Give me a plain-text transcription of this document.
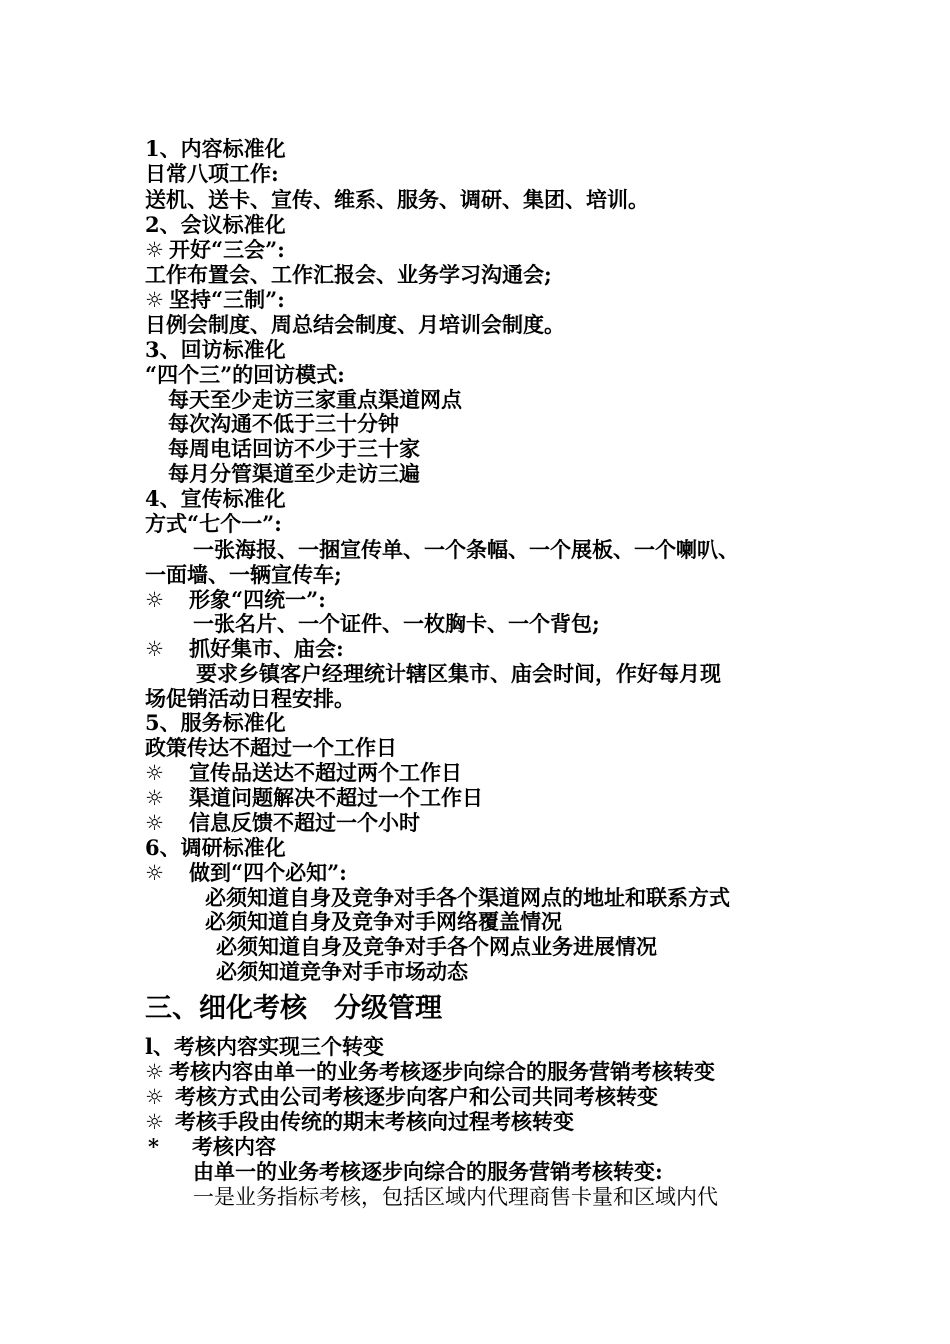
1、内容标准化
日常八项工作:
送机、送卡、宣传、维系、服务、调研、集团、培训。
2、会议标准化
☼ 开好“三会”:
工作布置会、工作汇报会、业务学习沟通会;
☼ 坚持“三制”:
日例会制度、周总结会制度、月培训会制度。
3、回访标准化
“四个三”的回访模式:
每天至少走访三家重点渠道网点
每次沟通不低于三十分钟
每周电话回访不少于三十家
每月分管渠道至少走访三遍
4、宣传标准化
方式“七个一”:
一张海报、一捆宣传单、一个条幅、一个展板、一个喇叭、
一面墙、一辆宣传车;
☼ 形象“四统一”:
一张名片、一个证件、一枚胸卡、一个背包;
☼ 抓好集市、庙会:
要求乡镇客户经理统计辖区集市、庙会时间，作好每月现
场促销活动日程安排。
5、服务标准化
政策传达不超过一个工作日
☼ 宣传品送达不超过两个工作日
☼ 渠道问题解决不超过一个工作日
☼ 信息反馈不超过一个小时
6、调研标准化
☼ 做到“四个必知”:
必须知道自身及竞争对手各个渠道网点的地址和联系方式
必须知道自身及竞争对手网络覆盖情况
必须知道自身及竞争对手各个网点业务进展情况
必须知道竞争对手市场动态
三、细化考核　分级管理
l、考核内容实现三个转变
☼ 考核内容由单一的业务考核逐步向综合的服务营销考核转变
☼ 考核方式由公司考核逐步向客户和公司共同考核转变
☼ 考核手段由传统的期末考核向过程考核转变
* 考核内容
由单一的业务考核逐步向综合的服务营销考核转变:
一是业务指标考核，包括区域内代理商售卡量和区域内代
